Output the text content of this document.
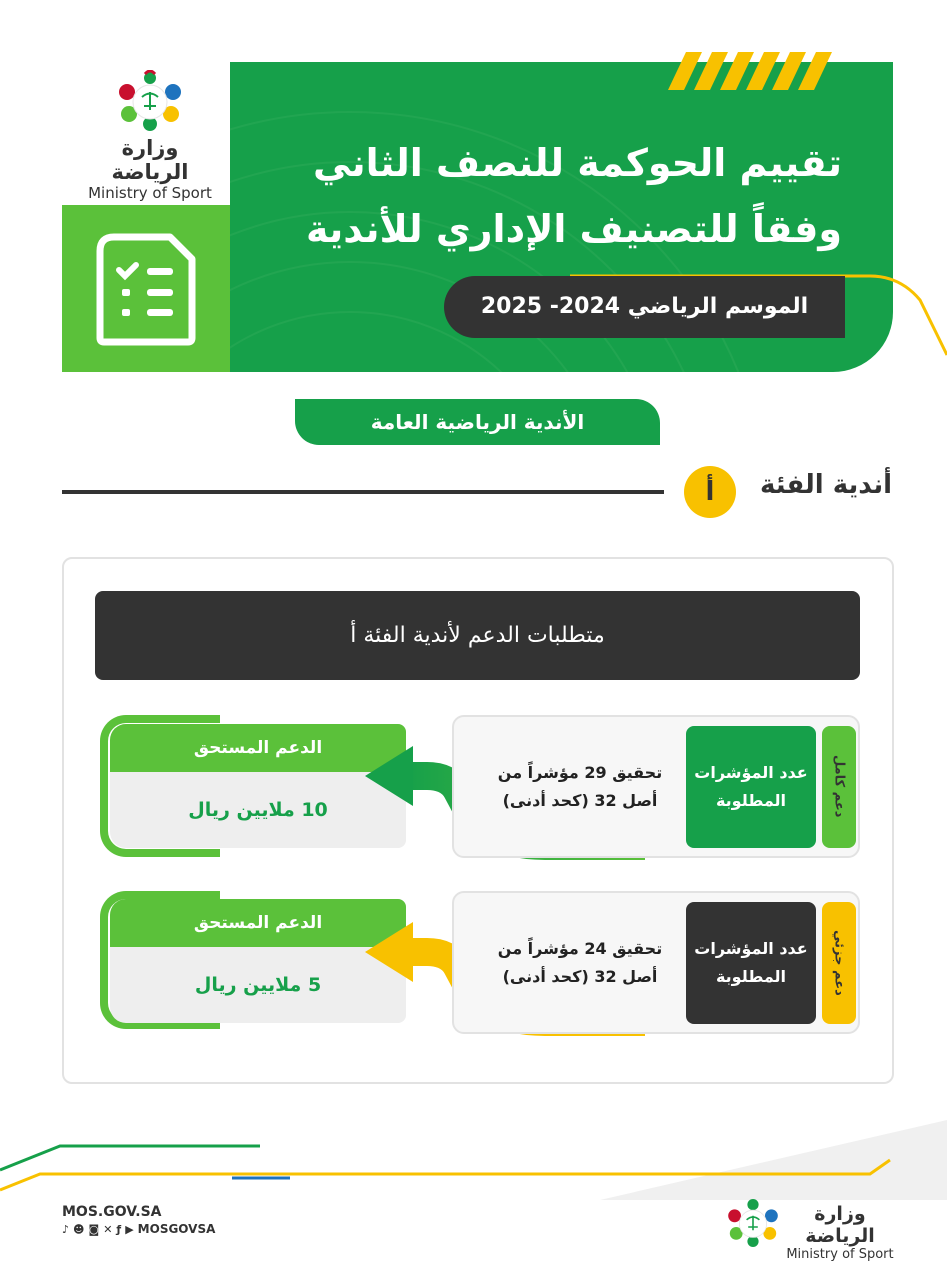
وزارة الرياضة
Ministry of Sport
تقييم الحوكمة للنصف الثاني
وفقاً للتصنيف الإداري للأندية
الموسم الرياضي 2024- 2025
الأندية الرياضية العامة
أ	أندية الفئة
متطلبات الدعم لأندية الفئة أ
الدعم المستحق
10 ملايين ريال	دعم كامل
عدد المؤشرات المطلوبة
تحقيق 29 مؤشراً من أصل 32 (كحد أدنى)
الدعم المستحق
5 ملايين ريال	دعم جزئي
عدد المؤشرات المطلوبة
تحقيق 24 مؤشراً من أصل 32 (كحد أدنى)
MOS.GOV.SA
♪ ☻ ◙ ✕ ƒ ▶ MOSGOVSA
وزارة الرياضة
Ministry of Sport
